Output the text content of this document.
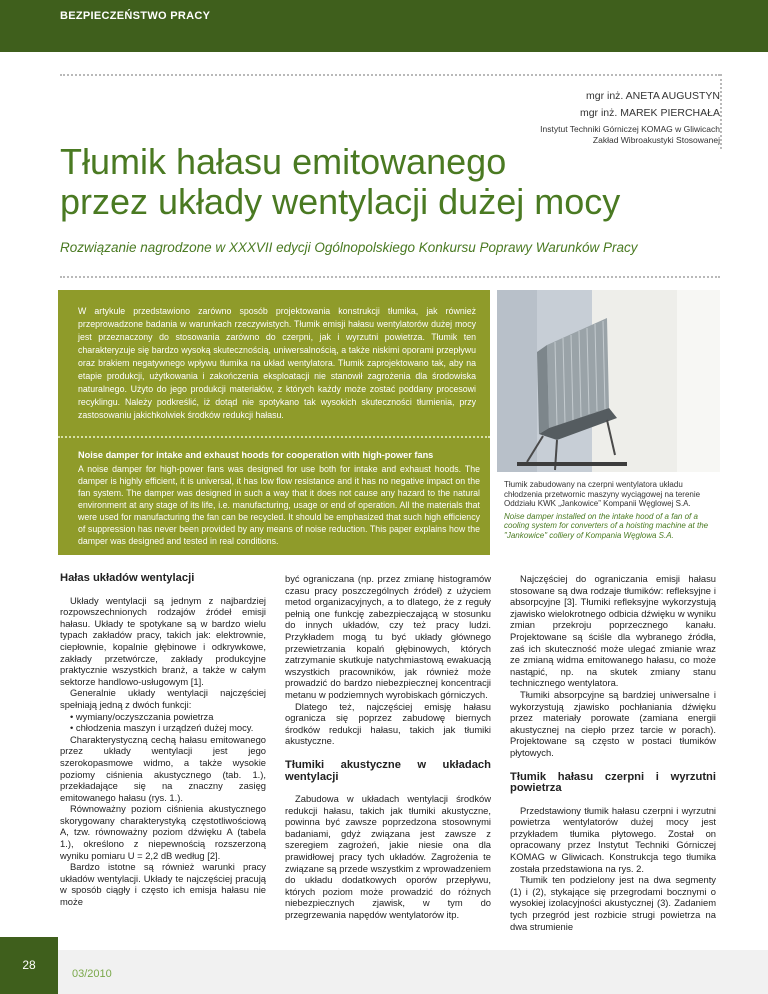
BEZPIECZEŃSTWO PRACY
mgr inż. ANETA AUGUSTYN
mgr inż. MAREK PIERCHAŁA
Instytut Techniki Górniczej KOMAG w Gliwicach
Zakład Wibroakustyki Stosowanej
Tłumik hałasu emitowanego
przez układy wentylacji dużej mocy
Rozwiązanie nagrodzone w XXXVII edycji Ogólnopolskiego Konkursu Poprawy Warunków Pracy
W artykule przedstawiono zarówno sposób projektowania konstrukcji tłumika, jak również przeprowadzone badania w warunkach rzeczywistych. Tłumik emisji hałasu wentylatorów dużej mocy jest przeznaczony do stosowania zarówno do czerpni, jak i wyrzutni powietrza. Tłumik ten charakteryzuje się bardzo wysoką skutecznością, uniwersalnością, a także niskimi oporami przepływu oraz brakiem negatywnego wpływu tłumika na układ wentylatora. Tłumik zaprojektowano tak, aby na etapie produkcji, użytkowania i zakończenia eksploatacji nie stanowił zagrożenia dla środowiska naturalnego. Użyto do jego produkcji materiałów, z których każdy może zostać poddany procesowi recyklingu. Należy podkreślić, iż dotąd nie spotykano tak wysokich skuteczności tłumienia, przy zastosowaniu jakichkolwiek środków redukcji hałasu.
Noise damper for intake and exhaust hoods for cooperation with high-power fans
A noise damper for high-power fans was designed for use both for intake and exhaust hoods. The damper is highly efficient, it is universal, it has low flow resistance and it has no negative impact on the fan system. The damper was designed in such a way that it does not cause any hazard to the natural environment at any stage of its life, i.e. manufacturing, usage or end of operation. All the materials that were used for manufacturing the fan can be recycled. It should be emphasized that such high efficiency of suppression has never been provided by any means of noise reduction. This paper explains how the damper was designed and tested in real conditions.
Tłumik zabudowany na czerpni wentylatora układu chłodzenia przetwornic maszyny wyciągowej na terenie Oddziału KWK „Jankowice” Kompanii Węglowej S.A.
Noise damper installed on the intake hood of a fan of a cooling system for converters of a hoisting machine at the "Jankowice" colliery of Kompania Węglowa S.A.
Hałas układów wentylacji

Układy wentylacji są jednym z najbardziej rozpowszechnionych rodzajów źródeł emisji hałasu. Układy te spotykane są w bardzo wielu typach zakładów pracy, takich jak: elektrownie, ciepłownie, kopalnie głębinowe i odkrywkowe, zakłady przetwórcze, zakłady produkcyjne praktycznie wszystkich branż, a także w całym sektorze handlowo-usługowym [1].

Generalnie układy wentylacji najczęściej spełniają jedną z dwóch funkcji:

• wymiany/oczyszczania powietrza

• chłodzenia maszyn i urządzeń dużej mocy.

Charakterystyczną cechą hałasu emitowanego przez układy wentylacji jest jego szerokopasmowe widmo, a także wysokie poziomy ciśnienia akustycznego (tab. 1.), przekładające się na znaczny zasięg emitowanego hałasu (rys. 1.).

Równoważny poziom ciśnienia akustycznego skorygowany charakterystyką częstotliwościową A, tzw. równoważny poziom dźwięku A (tabela 1.), określono z niepewnością rozszerzoną wyniku pomiaru U⁣ = 2,2 dB według [2].

Bardzo istotne są również warunki pracy układów wentylacji. Układy te najczęściej pracują w sposób ciągły i często ich emisja hałasu nie może

być ograniczana (np. przez zmianę histogramów czasu pracy poszczególnych źródeł) z użyciem metod organizacyjnych, a to dlatego, że z reguły pełnią one funkcję zabezpieczającą w stosunku do innych układów, czy też pracy ludzi. Przykładem mogą tu być układy głównego przewietrzania kopalń głębinowych, których zatrzymanie skutkuje natychmiastową ewakuacją wszystkich pracowników, jak również może prowadzić do bardzo niebezpiecznej koncentracji metanu w podziemnych wyrobiskach górniczych.

Dlatego też, najczęściej emisję hałasu ogranicza się poprzez zabudowę biernych środków redukcji hałasu, takich jak tłumiki akustyczne.

Tłumiki akustyczne w układach wentylacji

Zabudowa w układach wentylacji środków redukcji hałasu, takich jak tłumiki akustyczne, powinna być zawsze poprzedzona stosownymi badaniami, gdyż związana jest zawsze z szeregiem zagrożeń, jakie niesie ona dla prawidłowej pracy tych układów. Zagrożenia te związane są przede wszystkim z wprowadzeniem do układu dodatkowych oporów przepływu, których poziom może prowadzić do różnych niebezpiecznych zjawisk, w tym do przegrzewania napędów wentylatorów itp.

Najczęściej do ograniczania emisji hałasu stosowane są dwa rodzaje tłumików: refleksyjne i absorpcyjne [3]. Tłumiki refleksyjne wykorzystują zjawisko wielokrotnego odbicia dźwięku w wyniku zmian przekroju poprzecznego kanału. Projektowane są ściśle dla wybranego źródła, zaś ich skuteczność może ulegać zmianie wraz ze zmianą widma emitowanego hałasu, co może nastąpić, np. na skutek zmiany stanu technicznego wentylatora.

Tłumiki absorpcyjne są bardziej uniwersalne i wykorzystują zjawisko pochłaniania dźwięku przez materiały porowate (zamiana energii akustycznej na ciepło przez tarcie w porach). Projektowane są często w postaci tłumików płytowych.

Tłumik hałasu czerpni i wyrzutni powietrza

Przedstawiony tłumik hałasu czerpni i wyrzutni powietrza wentylatorów dużej mocy jest przykładem tłumika płytowego. Został on opracowany przez Instytut Techniki Górniczej KOMAG w Gliwicach. Konstrukcja tego tłumika została przedstawiona na rys. 2.

Tłumik ten podzielony jest na dwa segmenty (1) i (2), stykające się przegrodami bocznymi o wysokiej izolacyjności akustycznej (3). Zadaniem tych przegród jest rozbicie strugi powietrza na dwa strumienie

28
03/2010
